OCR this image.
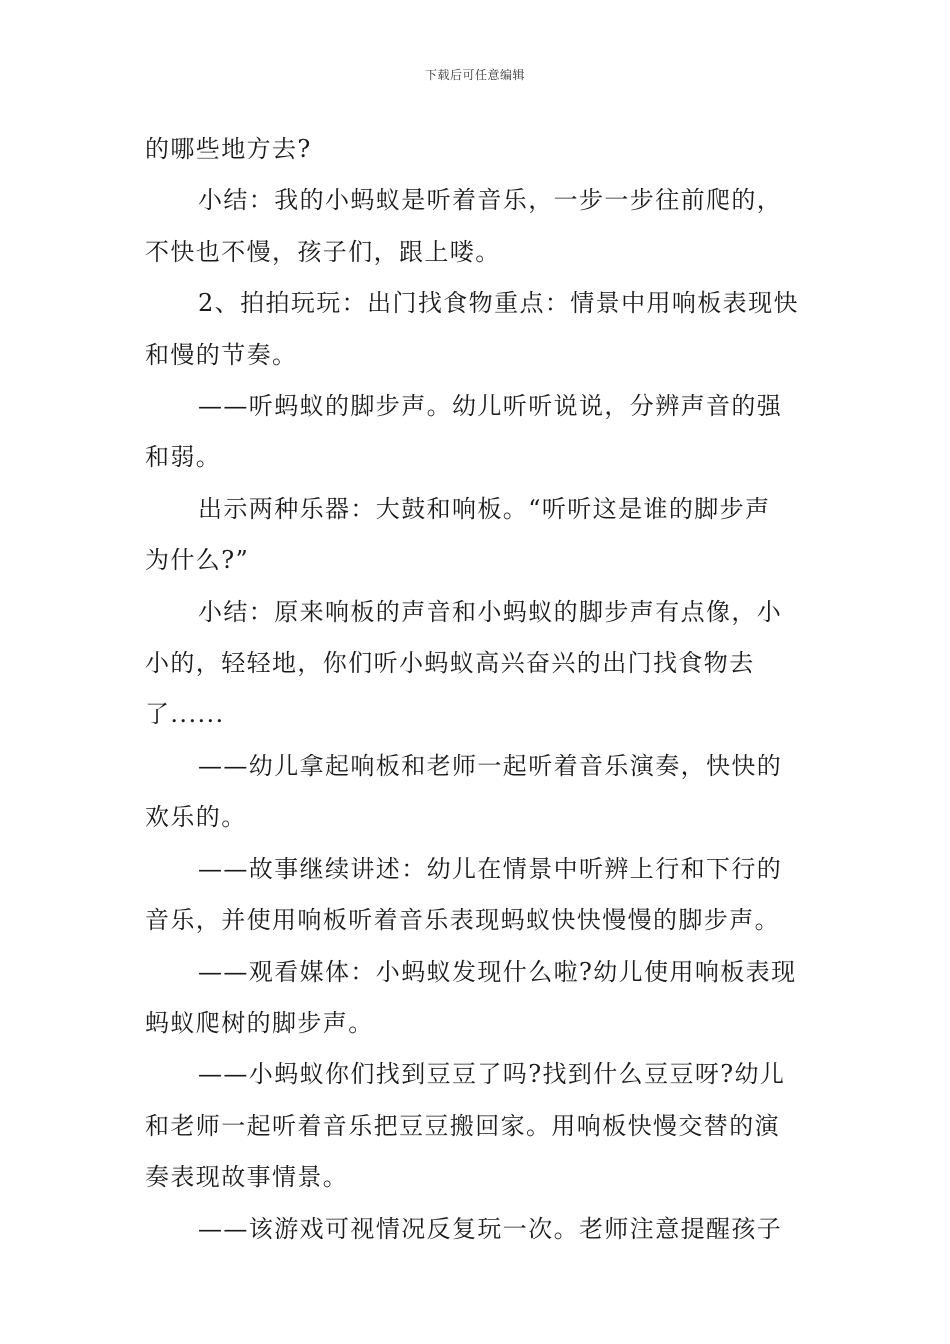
下载后可任意编辑

的哪些地方去?

小结：我的小蚂蚁是听着音乐，一步一步往前爬的，
不快也不慢，孩子们，跟上喽。

2、拍拍玩玩：出门找食物重点：情景中用响板表现快
和慢的节奏。

——听蚂蚁的脚步声。幼儿听听说说，分辨声音的强
和弱。

出示两种乐器：大鼓和响板。“听听这是谁的脚步声
为什么?”

小结：原来响板的声音和小蚂蚁的脚步声有点像，小
小的，轻轻地，你们听小蚂蚁高兴奋兴的出门找食物去
了......

——幼儿拿起响板和老师一起听着音乐演奏，快快的
欢乐的。

——故事继续讲述：幼儿在情景中听辨上行和下行的
音乐，并使用响板听着音乐表现蚂蚁快快慢慢的脚步声。

——观看媒体：小蚂蚁发现什么啦?幼儿使用响板表现
蚂蚁爬树的脚步声。

——小蚂蚁你们找到豆豆了吗?找到什么豆豆呀?幼儿
和老师一起听着音乐把豆豆搬回家。用响板快慢交替的演
奏表现故事情景。

——该游戏可视情况反复玩一次。老师注意提醒孩子
